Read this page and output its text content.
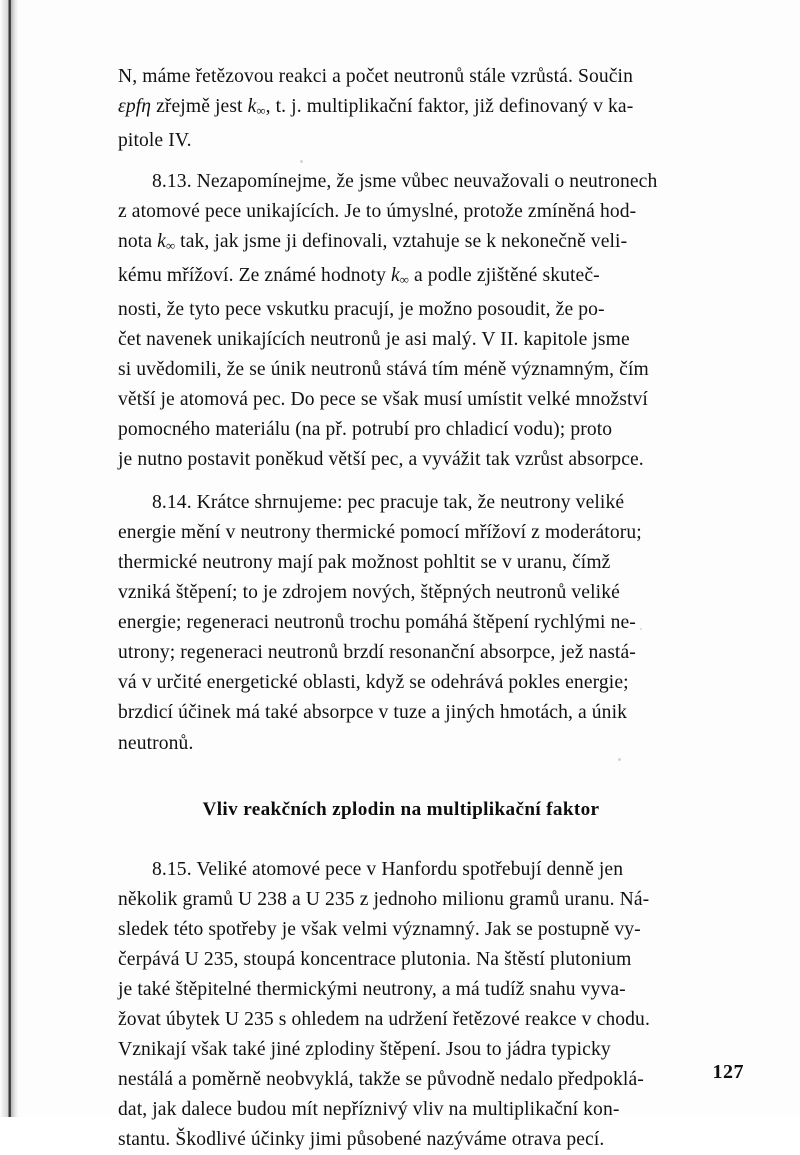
N, máme řetězovou reakci a počet neutronů stále vzrůstá. Součin
εpfη zřejmě jest k∞, t. j. multiplikační faktor, již definovaný v ka-
pitole IV.

8.13. Nezapomínejme, že jsme vůbec neuvažovali o neutronech
z atomové pece unikajících. Je to úmyslné, protože zmíněná hod-
nota k∞ tak, jak jsme ji definovali, vztahuje se k nekonečně veli-
kému mřížoví. Ze známé hodnoty k∞ a podle zjištěné skuteč-
nosti, že tyto pece vskutku pracují, je možno posoudit, že po-
čet navenek unikajících neutronů je asi malý. V II. kapitole jsme
si uvědomili, že se únik neutronů stává tím méně významným, čím
větší je atomová pec. Do pece se však musí umístit velké množství
pomocného materiálu (na př. potrubí pro chladicí vodu); proto
je nutno postavit poněkud větší pec, a vyvážit tak vzrůst absorpce.

8.14. Krátce shrnujeme: pec pracuje tak, že neutrony veliké
energie mění v neutrony thermické pomocí mřížoví z moderátoru;
thermické neutrony mají pak možnost pohltit se v uranu, čímž
vzniká štěpení; to je zdrojem nových, štěpných neutronů veliké
energie; regeneraci neutronů trochu pomáhá štěpení rychlými ne-
utrony; regeneraci neutronů brzdí resonanční absorpce, jež nastá-
vá v určité energetické oblasti, když se odehrává pokles energie;
brzdicí účinek má také absorpce v tuze a jiných hmotách, a únik
neutronů.

Vliv reakčních zplodin na multiplikační faktor

8.15. Veliké atomové pece v Hanfordu spotřebují denně jen
několik gramů U 238 a U 235 z jednoho milionu gramů uranu. Ná-
sledek této spotřeby je však velmi významný. Jak se postupně vy-
čerpává U 235, stoupá koncentrace plutonia. Na štěstí plutonium
je také štěpitelné thermickými neutrony, a má tudíž snahu vyva-
žovat úbytek U 235 s ohledem na udržení řetězové reakce v chodu.
Vznikají však také jiné zplodiny štěpení. Jsou to jádra typicky
nestálá a poměrně neobvyklá, takže se původně nedalo předpoklá-
dat, jak dalece budou mít nepříznivý vliv na multiplikační kon-
stantu. Škodlivé účinky jimi působené nazýváme otrava pecí.

127
